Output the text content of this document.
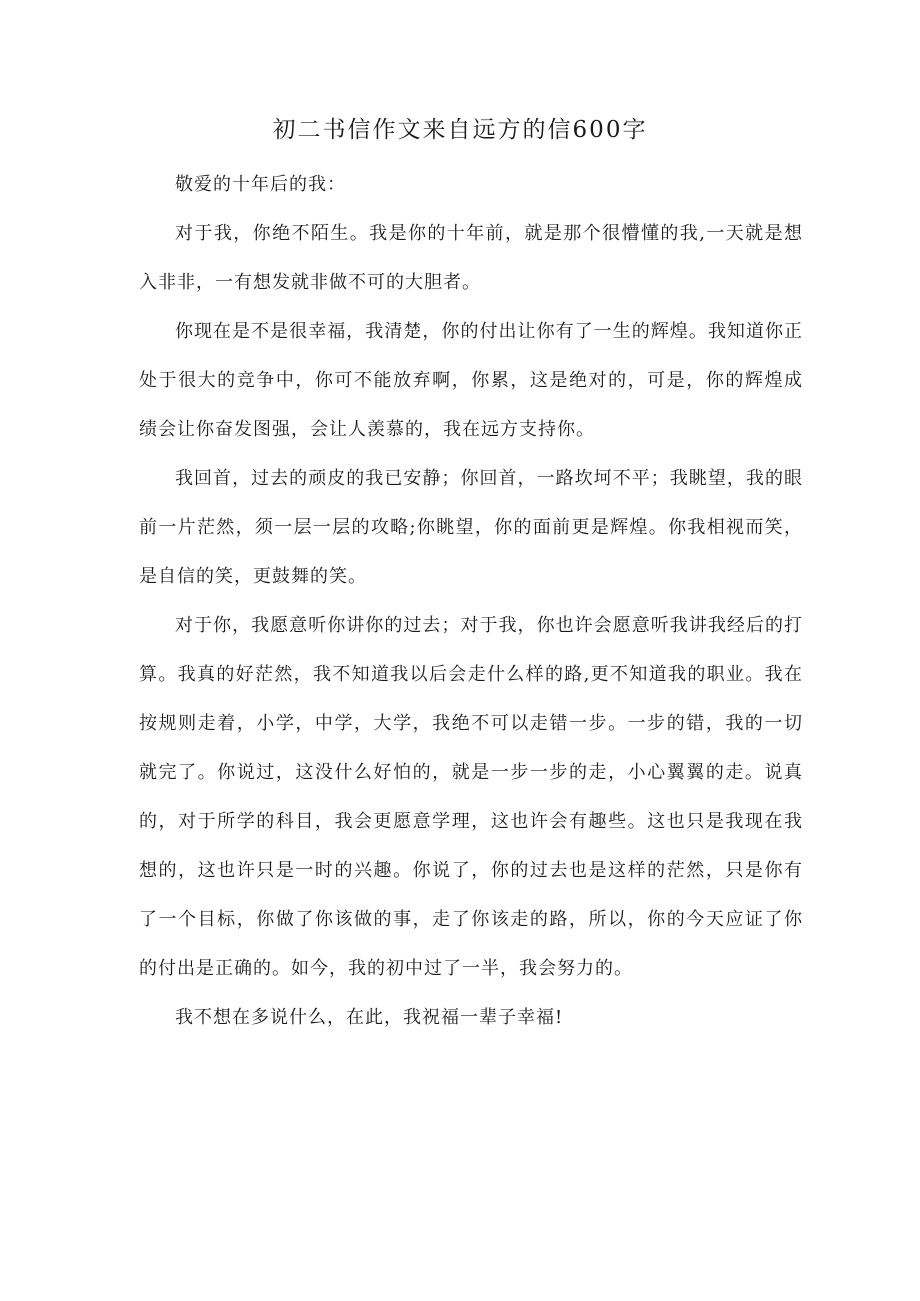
初二书信作文来自远方的信600字

敬爱的十年后的我：

对于我，你绝不陌生。我是你的十年前，就是那个很懵懂的我,一天就是想入非非，一有想发就非做不可的大胆者。

你现在是不是很幸福，我清楚，你的付出让你有了一生的辉煌。我知道你正处于很大的竞争中，你可不能放弃啊，你累，这是绝对的，可是，你的辉煌成绩会让你奋发图强，会让人羡慕的，我在远方支持你。

我回首，过去的顽皮的我已安静；你回首，一路坎坷不平；我眺望，我的眼前一片茫然，须一层一层的攻略;你眺望，你的面前更是辉煌。你我相视而笑，是自信的笑，更鼓舞的笑。

对于你，我愿意听你讲你的过去；对于我，你也许会愿意听我讲我经后的打算。我真的好茫然，我不知道我以后会走什么样的路,更不知道我的职业。我在按规则走着，小学，中学，大学，我绝不可以走错一步。一步的错，我的一切就完了。你说过，这没什么好怕的，就是一步一步的走，小心翼翼的走。说真的，对于所学的科目，我会更愿意学理，这也许会有趣些。这也只是我现在我想的，这也许只是一时的兴趣。你说了，你的过去也是这样的茫然，只是你有了一个目标，你做了你该做的事，走了你该走的路，所以，你的今天应证了你的付出是正确的。如今，我的初中过了一半，我会努力的。

我不想在多说什么，在此，我祝福一辈子幸福!
